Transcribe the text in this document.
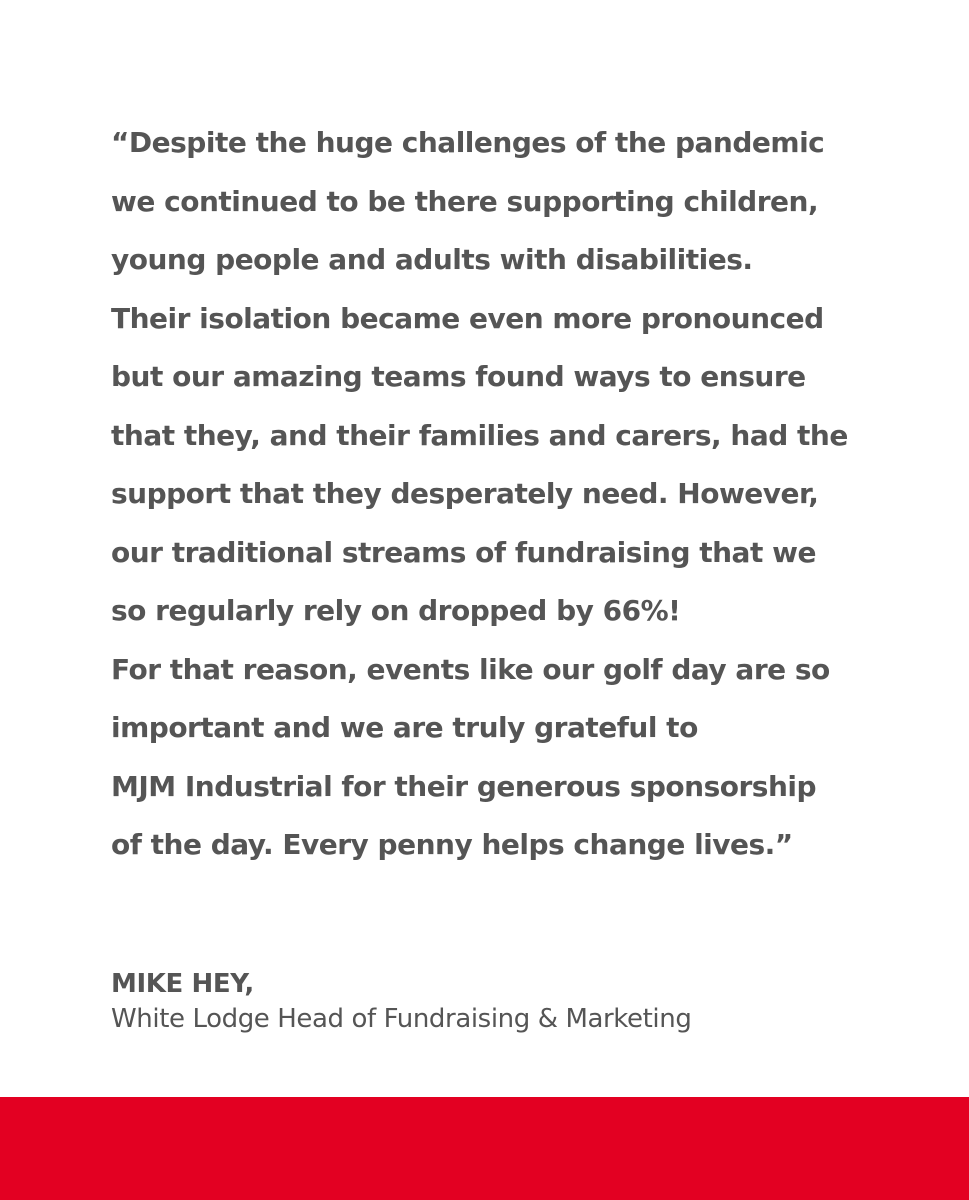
“Despite the huge challenges of the pandemic
we continued to be there supporting children,
young people and adults with disabilities.
Their isolation became even more pronounced
but our amazing teams found ways to ensure
that they, and their families and carers, had the
support that they desperately need. However,
our traditional streams of fundraising that we
so regularly rely on dropped by 66%!
For that reason, events like our golf day are so
important and we are truly grateful to
MJM Industrial for their generous sponsorship
of the day. Every penny helps change lives.”

MIKE HEY,
White Lodge Head of Fundraising & Marketing
